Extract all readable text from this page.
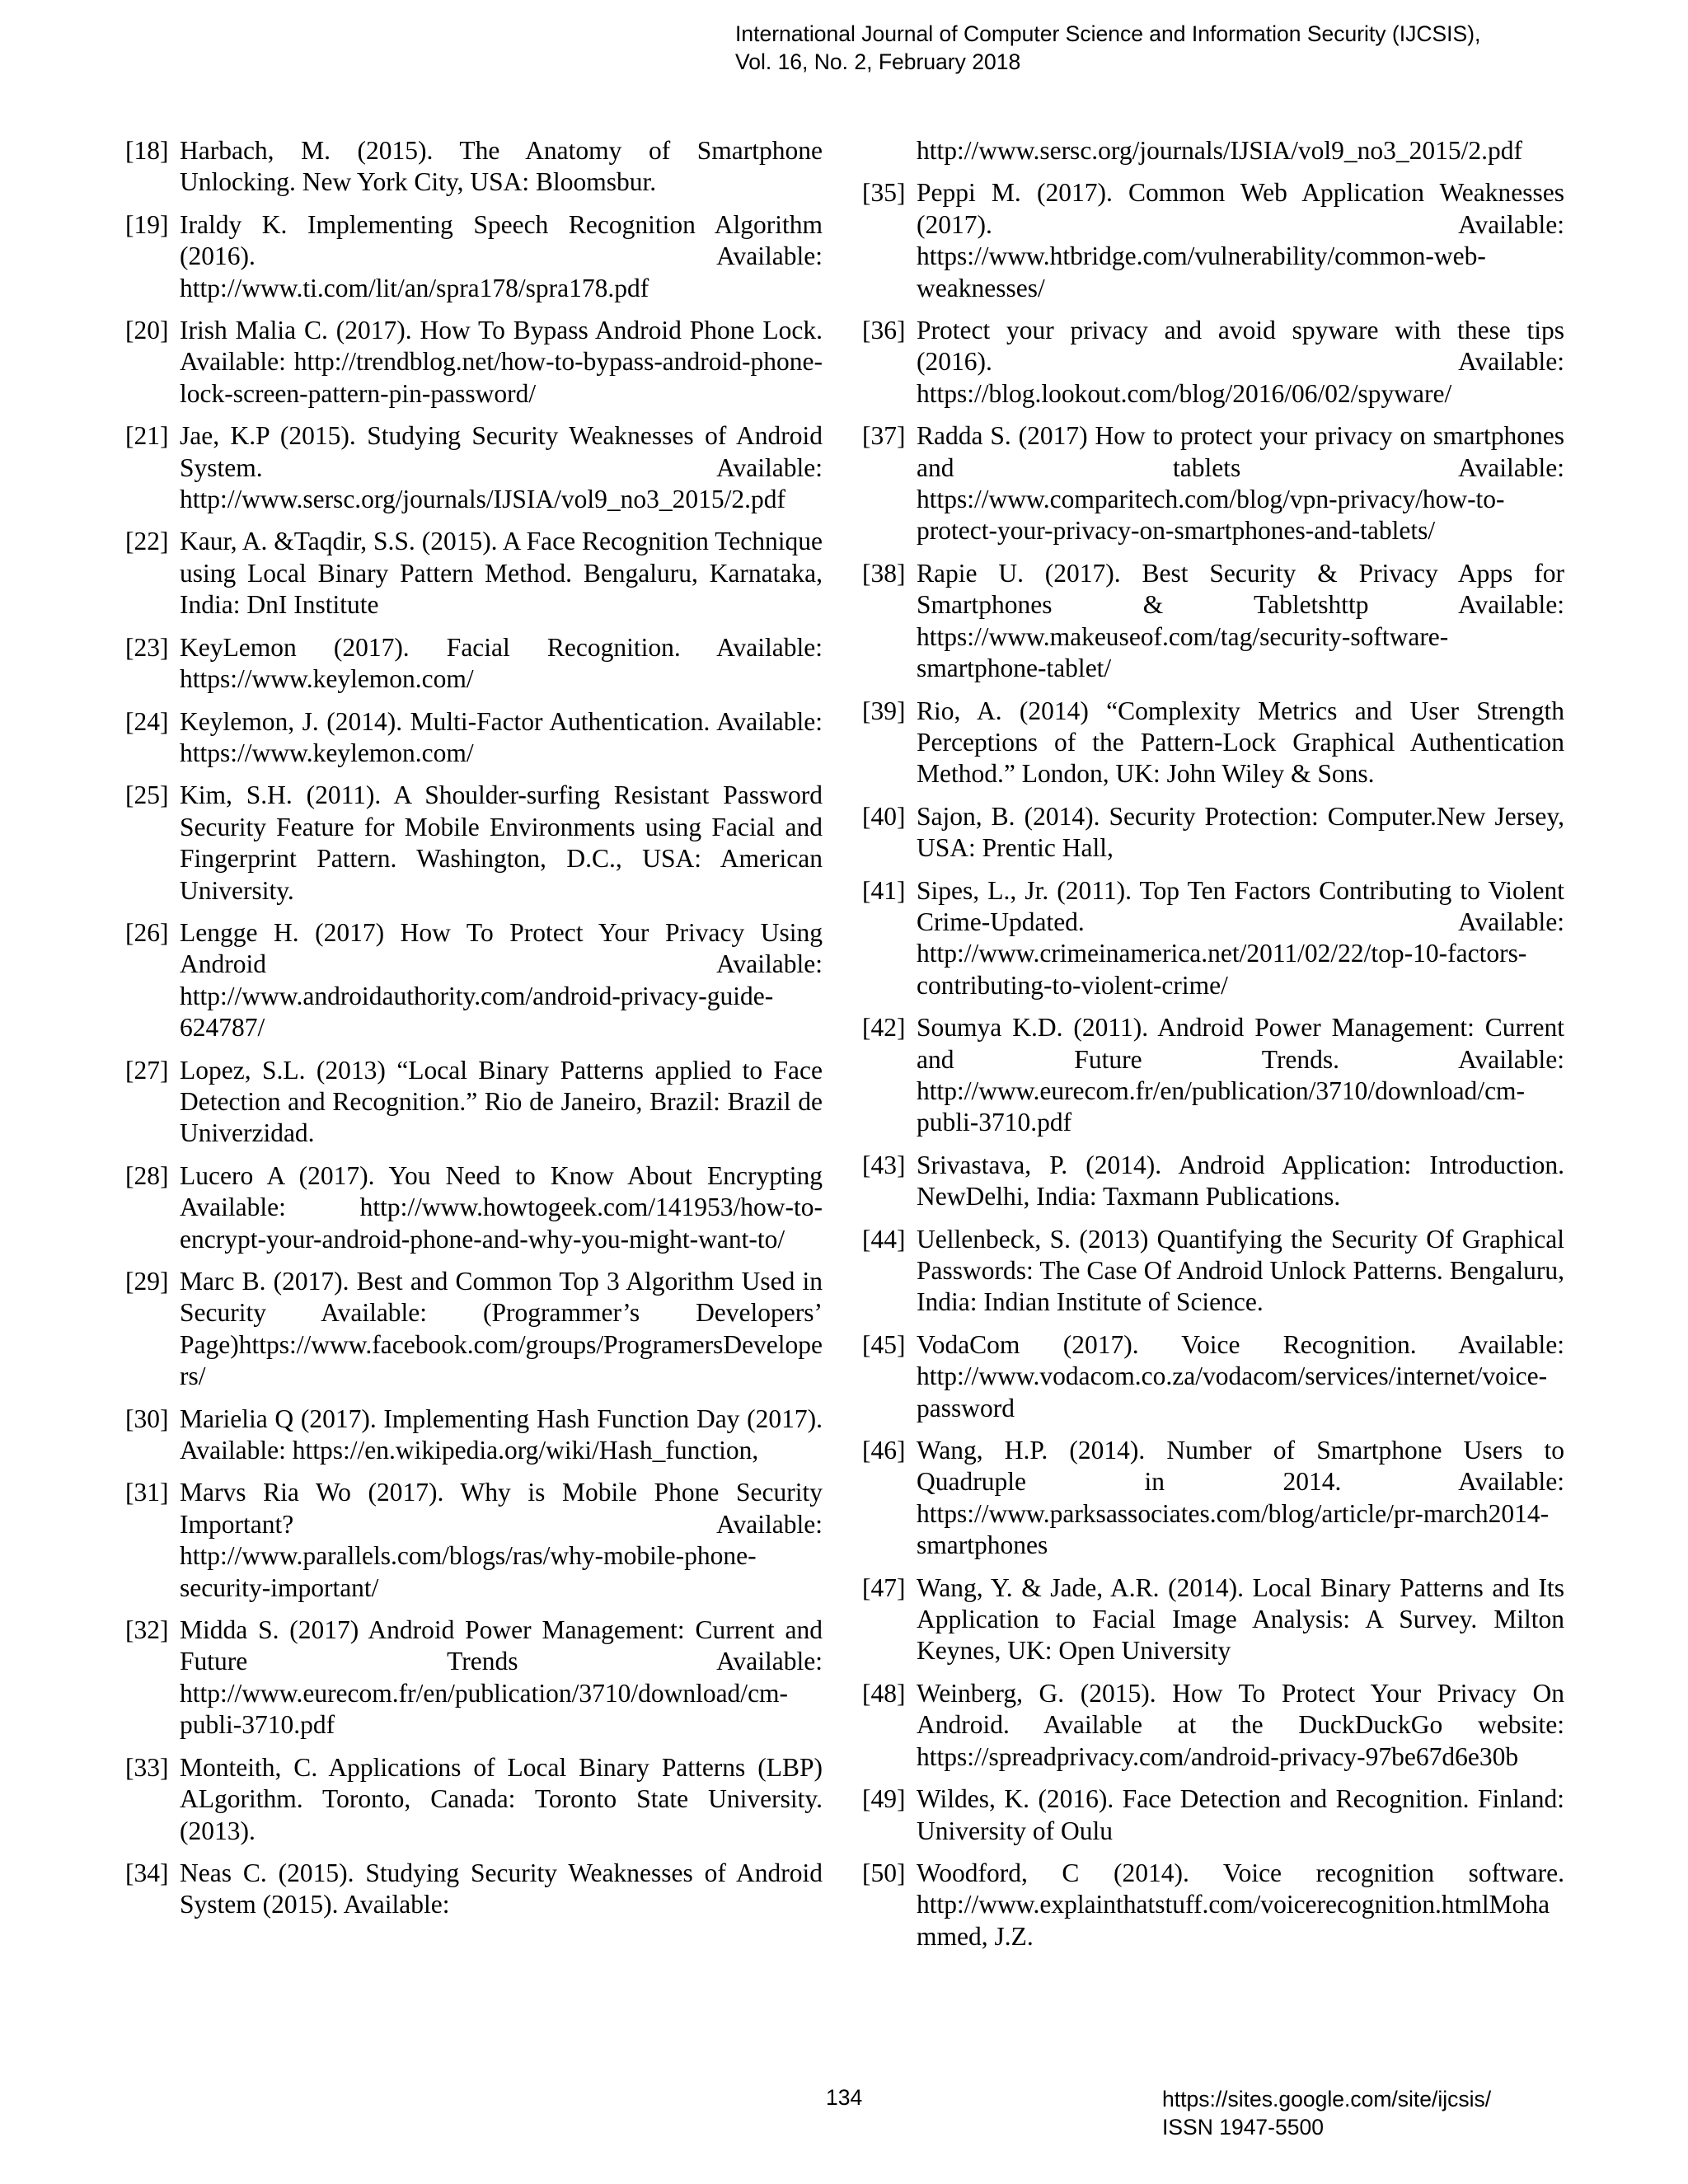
International Journal of Computer Science and Information Security (IJCSIS),
Vol. 16, No. 2, February 2018
[18] Harbach, M. (2015). The Anatomy of Smartphone Unlocking. New York City, USA: Bloomsbur.
[19] Iraldy K. Implementing Speech Recognition Algorithm (2016). Available: http://www.ti.com/lit/an/spra178/spra178.pdf
[20] Irish Malia C. (2017). How To Bypass Android Phone Lock. Available: http://trendblog.net/how-to-bypass-android-phone-lock-screen-pattern-pin-password/
[21] Jae, K.P (2015). Studying Security Weaknesses of Android System. Available: http://www.sersc.org/journals/IJSIA/vol9_no3_2015/2.pdf
[22] Kaur, A. &Taqdir, S.S. (2015). A Face Recognition Technique using Local Binary Pattern Method. Bengaluru, Karnataka, India: DnI Institute
[23] KeyLemon (2017). Facial Recognition. Available: https://www.keylemon.com/
[24] Keylemon, J. (2014). Multi-Factor Authentication. Available: https://www.keylemon.com/
[25] Kim, S.H. (2011). A Shoulder-surfing Resistant Password Security Feature for Mobile Environments using Facial and Fingerprint Pattern. Washington, D.C., USA: American University.
[26] Lengge H. (2017) How To Protect Your Privacy Using Android Available: http://www.androidauthority.com/android-privacy-guide-624787/
[27] Lopez, S.L. (2013) “Local Binary Patterns applied to Face Detection and Recognition.” Rio de Janeiro, Brazil: Brazil de Univerzidad.
[28] Lucero A (2017). You Need to Know About Encrypting Available: http://www.howtogeek.com/141953/how-to-encrypt-your-android-phone-and-why-you-might-want-to/
[29] Marc B. (2017). Best and Common Top 3 Algorithm Used in Security Available: (Programmer’s Developers’ Page)https://www.facebook.com/groups/ProgramersDevelopers/
[30] Marielia Q (2017). Implementing Hash Function Day (2017). Available: https://en.wikipedia.org/wiki/Hash_function,
[31] Marvs Ria Wo (2017). Why is Mobile Phone Security Important? Available: http://www.parallels.com/blogs/ras/why-mobile-phone-security-important/
[32] Midda S. (2017) Android Power Management: Current and Future Trends Available: http://www.eurecom.fr/en/publication/3710/download/cm-publi-3710.pdf
[33] Monteith, C. Applications of Local Binary Patterns (LBP) ALgorithm. Toronto, Canada: Toronto State University. (2013).
[34] Neas C. (2015). Studying Security Weaknesses of Android System (2015). Available:
http://www.sersc.org/journals/IJSIA/vol9_no3_2015/2.pdf
[35] Peppi M. (2017). Common Web Application Weaknesses (2017). Available: https://www.htbridge.com/vulnerability/common-web-weaknesses/
[36] Protect your privacy and avoid spyware with these tips (2016). Available: https://blog.lookout.com/blog/2016/06/02/spyware/
[37] Radda S. (2017) How to protect your privacy on smartphones and tablets Available: https://www.comparitech.com/blog/vpn-privacy/how-to-protect-your-privacy-on-smartphones-and-tablets/
[38] Rapie U. (2017). Best Security & Privacy Apps for Smartphones & Tabletshttp Available: https://www.makeuseof.com/tag/security-software-smartphone-tablet/
[39] Rio, A. (2014) “Complexity Metrics and User Strength Perceptions of the Pattern-Lock Graphical Authentication Method.” London, UK: John Wiley & Sons.
[40] Sajon, B. (2014). Security Protection: Computer.New Jersey, USA: Prentic Hall,
[41] Sipes, L., Jr. (2011). Top Ten Factors Contributing to Violent Crime-Updated. Available: http://www.crimeinamerica.net/2011/02/22/top-10-factors-contributing-to-violent-crime/
[42] Soumya K.D. (2011). Android Power Management: Current and Future Trends. Available: http://www.eurecom.fr/en/publication/3710/download/cm-publi-3710.pdf
[43] Srivastava, P. (2014). Android Application: Introduction. NewDelhi, India: Taxmann Publications.
[44] Uellenbeck, S. (2013) Quantifying the Security Of Graphical Passwords: The Case Of Android Unlock Patterns. Bengaluru, India: Indian Institute of Science.
[45] VodaCom (2017). Voice Recognition. Available: http://www.vodacom.co.za/vodacom/services/internet/voice-password
[46] Wang, H.P. (2014). Number of Smartphone Users to Quadruple in 2014. Available: https://www.parksassociates.com/blog/article/pr-march2014-smartphones
[47] Wang, Y. & Jade, A.R. (2014). Local Binary Patterns and Its Application to Facial Image Analysis: A Survey. Milton Keynes, UK: Open University
[48] Weinberg, G. (2015). How To Protect Your Privacy On Android. Available at the DuckDuckGo website: https://spreadprivacy.com/android-privacy-97be67d6e30b
[49] Wildes, K. (2016). Face Detection and Recognition. Finland: University of Oulu
[50] Woodford, C (2014). Voice recognition software. http://www.explainthatstuff.com/voicerecognition.htmlMohammed, J.Z.
134	https://sites.google.com/site/ijcsis/
ISSN 1947-5500
